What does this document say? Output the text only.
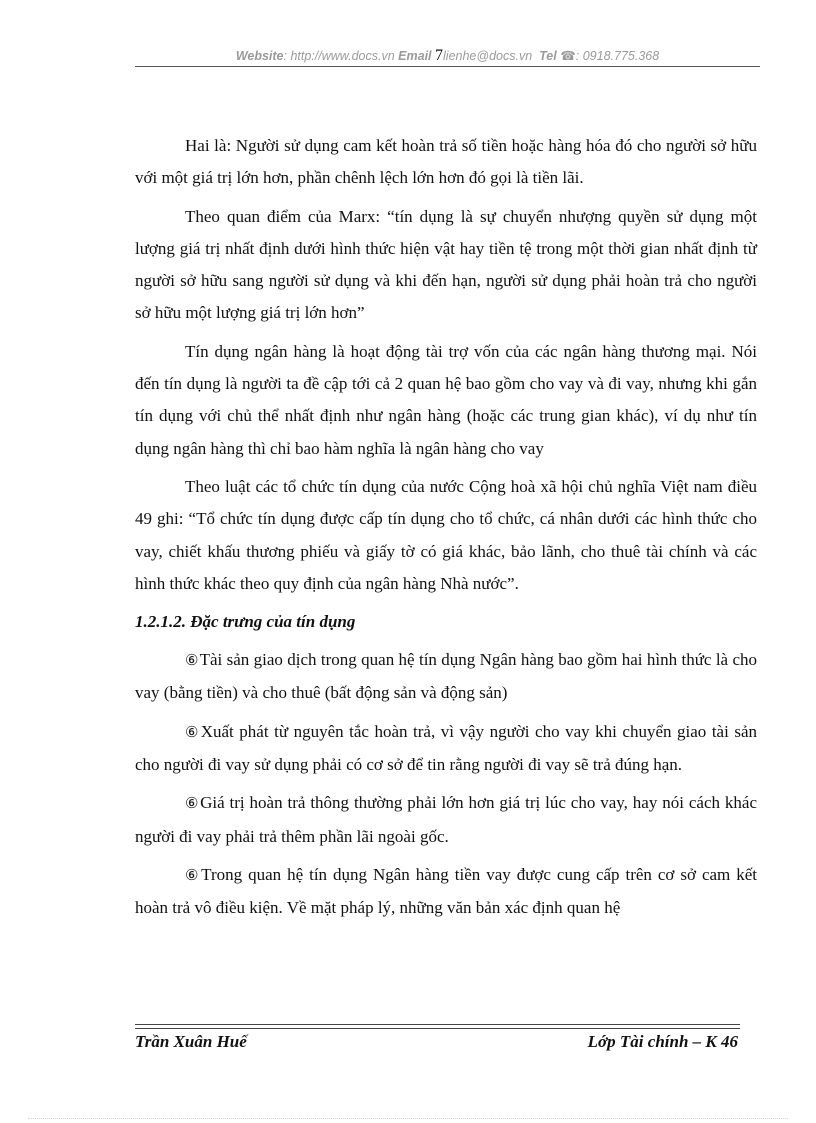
Website: http://www.docs.vn Email 7lienhe@docs.vn Tel ☎: 0918.775.368

Hai là: Người sử dụng cam kết hoàn trả số tiền hoặc hàng hóa đó cho người sở hữu với một giá trị lớn hơn, phần chênh lệch lớn hơn đó gọi là tiền lãi.

Theo quan điểm của Marx: “tín dụng là sự chuyển nhượng quyền sử dụng một lượng giá trị nhất định dưới hình thức hiện vật hay tiền tệ trong một thời gian nhất định từ người sở hữu sang người sử dụng và khi đến hạn, người sử dụng phải hoàn trả cho người sở hữu một lượng giá trị lớn hơn”

Tín dụng ngân hàng là hoạt động tài trợ vốn của các ngân hàng thương mại. Nói đến tín dụng là người ta đề cập tới cả 2 quan hệ bao gồm cho vay và đi vay, nhưng khi gắn tín dụng với chủ thể nhất định như ngân hàng (hoặc các trung gian khác), ví dụ như tín dụng ngân hàng thì chỉ bao hàm nghĩa là ngân hàng cho vay

Theo luật các tổ chức tín dụng của nước Cộng hoà xã hội chủ nghĩa Việt nam điều 49 ghi: “Tổ chức tín dụng được cấp tín dụng cho tổ chức, cá nhân dưới các hình thức cho vay, chiết khấu thương phiếu và giấy tờ có giá khác, bảo lãnh, cho thuê tài chính và các hình thức khác theo quy định của ngân hàng Nhà nước”.

1.2.1.2. Đặc trưng của tín dụng

⑥Tài sản giao dịch trong quan hệ tín dụng Ngân hàng bao gồm hai hình thức là cho vay (bằng tiền) và cho thuê (bất động sản và động sản)

⑥Xuất phát từ nguyên tắc hoàn trả, vì vậy người cho vay khi chuyển giao tài sản cho người đi vay sử dụng phải có cơ sở để tin rằng người đi vay sẽ trả đúng hạn.

⑥Giá trị hoàn trả thông thường phải lớn hơn giá trị lúc cho vay, hay nói cách khác người đi vay phải trả thêm phần lãi ngoài gốc.

⑥Trong quan hệ tín dụng Ngân hàng tiền vay được cung cấp trên cơ sở cam kết hoàn trả vô điều kiện. Về mặt pháp lý, những văn bản xác định quan hệ

Trần Xuân Huế	Lớp Tài chính – K 46
